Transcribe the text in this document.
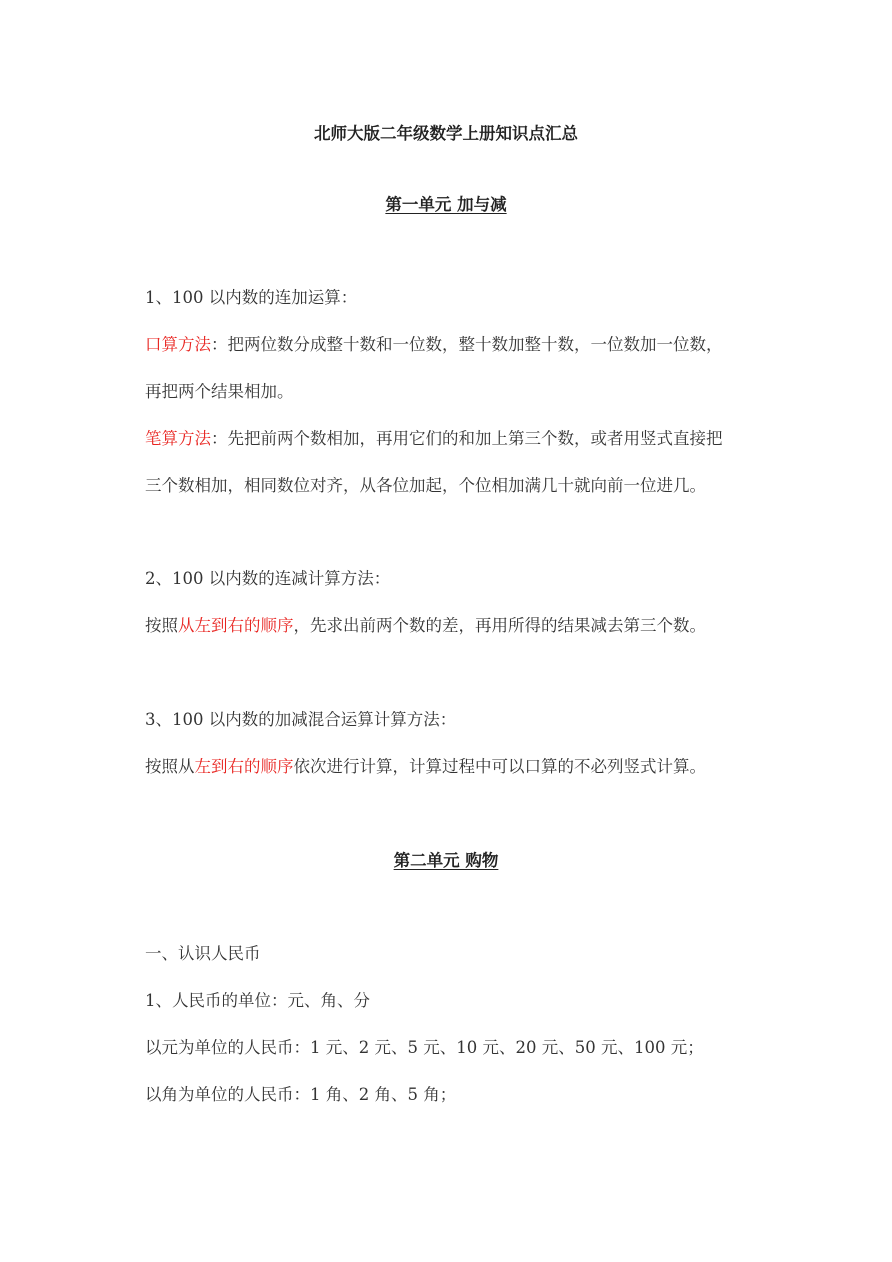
北师大版二年级数学上册知识点汇总
第一单元 加与减
1、100 以内数的连加运算：
口算方法：把两位数分成整十数和一位数，整十数加整十数，一位数加一位数，
再把两个结果相加。
笔算方法：先把前两个数相加，再用它们的和加上第三个数，或者用竖式直接把
三个数相加，相同数位对齐，从各位加起，个位相加满几十就向前一位进几。
2、100 以内数的连减计算方法：
按照从左到右的顺序，先求出前两个数的差，再用所得的结果减去第三个数。
3、100 以内数的加减混合运算计算方法：
按照从左到右的顺序依次进行计算，计算过程中可以口算的不必列竖式计算。
第二单元 购物
一、认识人民币
1、人民币的单位：元、角、分
以元为单位的人民币：1 元、2 元、5 元、10 元、20 元、50 元、100 元；
以角为单位的人民币：1 角、2 角、5 角；
